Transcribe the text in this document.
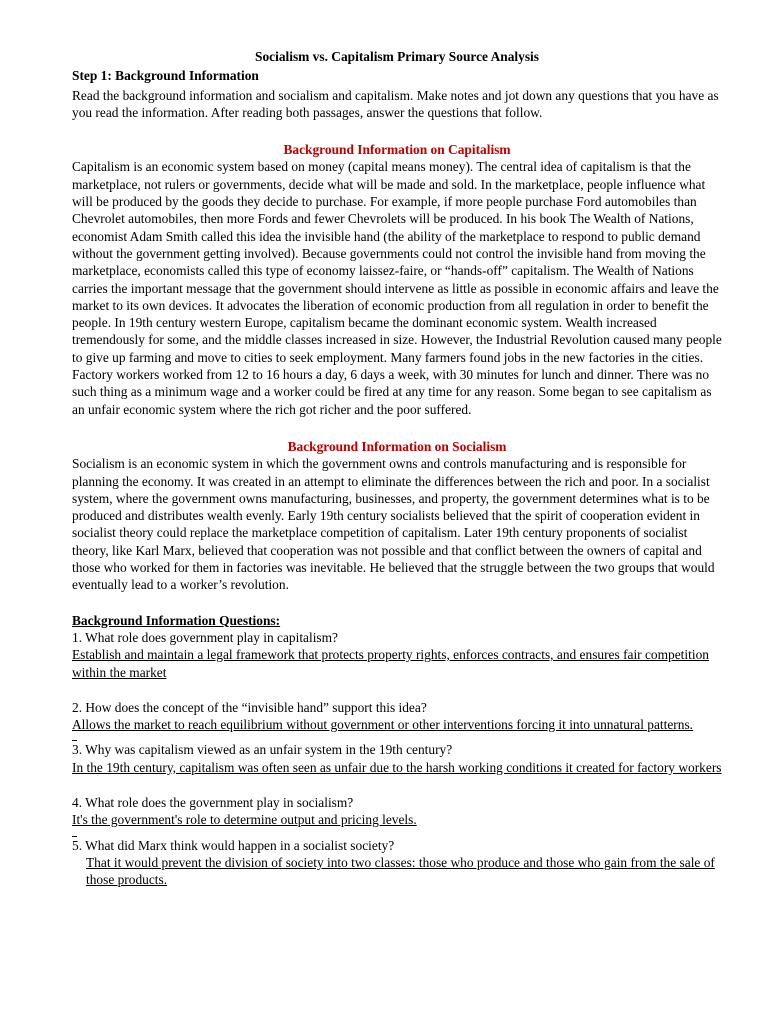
Socialism vs. Capitalism Primary Source Analysis

Step 1: Background Information

Read the background information and socialism and capitalism. Make notes and jot down any questions that you have as you read the information. After reading both passages, answer the questions that follow.

Background Information on Capitalism

Capitalism is an economic system based on money (capital means money). The central idea of capitalism is that the marketplace, not rulers or governments, decide what will be made and sold. In the marketplace, people influence what will be produced by the goods they decide to purchase. For example, if more people purchase Ford automobiles than Chevrolet automobiles, then more Fords and fewer Chevrolets will be produced. In his book The Wealth of Nations, economist Adam Smith called this idea the invisible hand (the ability of the marketplace to respond to public demand without the government getting involved). Because governments could not control the invisible hand from moving the marketplace, economists called this type of economy laissez-faire, or “hands-off” capitalism. The Wealth of Nations carries the important message that the government should intervene as little as possible in economic affairs and leave the market to its own devices. It advocates the liberation of economic production from all regulation in order to benefit the people. In 19th century western Europe, capitalism became the dominant economic system. Wealth increased tremendously for some, and the middle classes increased in size. However, the Industrial Revolution caused many people to give up farming and move to cities to seek employment. Many farmers found jobs in the new factories in the cities. Factory workers worked from 12 to 16 hours a day, 6 days a week, with 30 minutes for lunch and dinner. There was no such thing as a minimum wage and a worker could be fired at any time for any reason. Some began to see capitalism as an unfair economic system where the rich got richer and the poor suffered.

Background Information on Socialism

Socialism is an economic system in which the government owns and controls manufacturing and is responsible for planning the economy. It was created in an attempt to eliminate the differences between the rich and poor. In a socialist system, where the government owns manufacturing, businesses, and property, the government determines what is to be produced and distributes wealth evenly. Early 19th century socialists believed that the spirit of cooperation evident in socialist theory could replace the marketplace competition of capitalism. Later 19th century proponents of socialist theory, like Karl Marx, believed that cooperation was not possible and that conflict between the owners of capital and those who worked for them in factories was inevitable. He believed that the struggle between the two groups that would eventually lead to a worker’s revolution.

Background Information Questions:

1. What role does government play in capitalism?

Establish and maintain a legal framework that protects property rights, enforces contracts, and ensures fair competition within the market

2. How does the concept of the “invisible hand” support this idea?

Allows the market to reach equilibrium without government or other interventions forcing it into unnatural patterns.

3. Why was capitalism viewed as an unfair system in the 19th century?

In the 19th century, capitalism was often seen as unfair due to the harsh working conditions it created for factory workers

4. What role does the government play in socialism?

It's the government's role to determine output and pricing levels.

5. What did Marx think would happen in a socialist society?

That it would prevent the division of society into two classes: those who produce and those who gain from the sale of those products.
